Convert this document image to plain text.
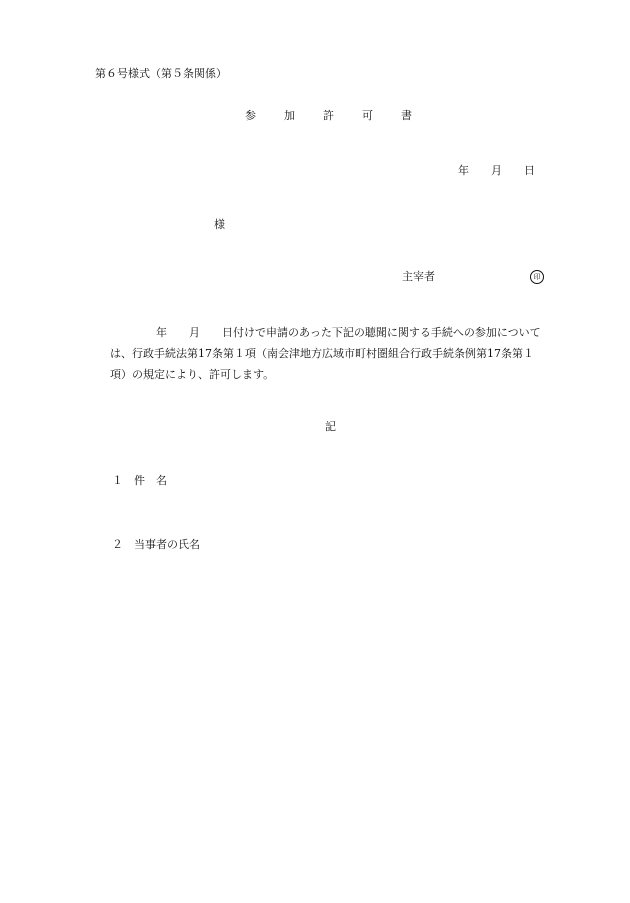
第６号様式（第５条関係）
参	加	許	可	書
年 月 日
様
主宰者	印
年 月 日付けで申請のあった下記の聴聞に関する手続への参加について
は、行政手続法第17条第１項（南会津地方広域市町村圏組合行政手続条例第17条第１
項）の規定により、許可します。
記
１ 件　名
２ 当事者の氏名
